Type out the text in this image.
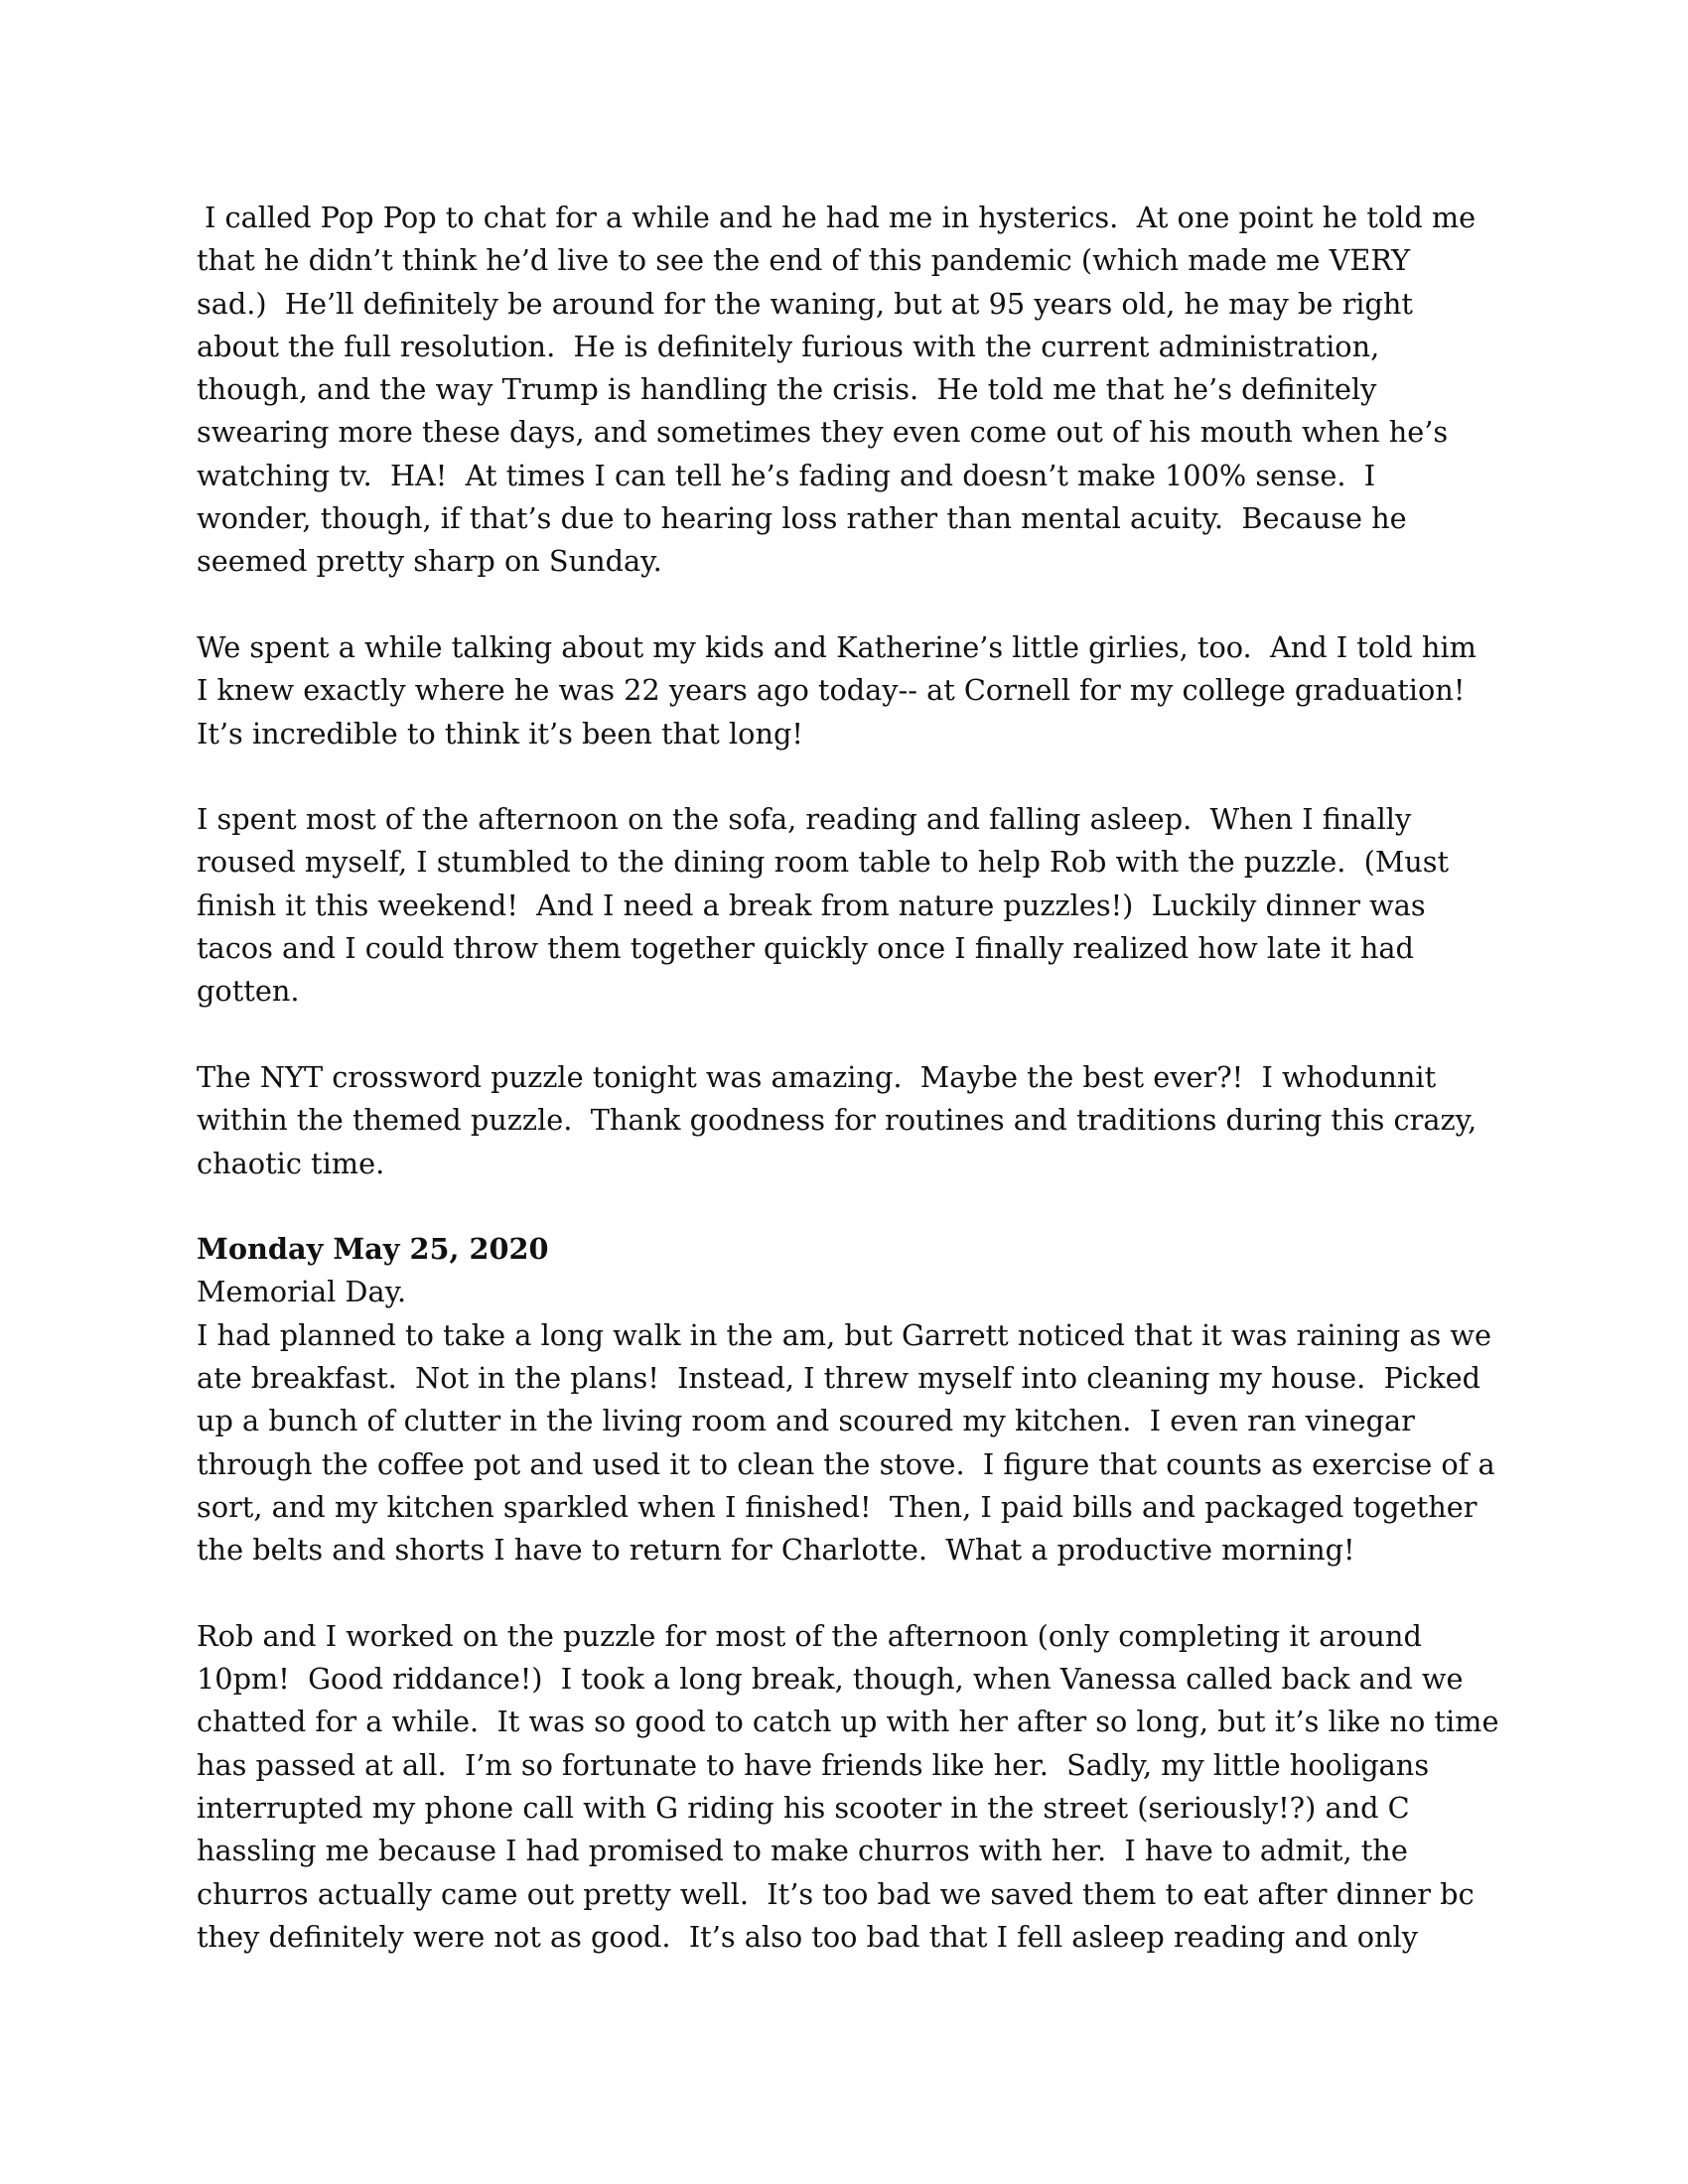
I called Pop Pop to chat for a while and he had me in hysterics.  At one point he told me
that he didn’t think he’d live to see the end of this pandemic (which made me VERY
sad.)  He’ll definitely be around for the waning, but at 95 years old, he may be right
about the full resolution.  He is definitely furious with the current administration,
though, and the way Trump is handling the crisis.  He told me that he’s definitely
swearing more these days, and sometimes they even come out of his mouth when he’s
watching tv.  HA!  At times I can tell he’s fading and doesn’t make 100% sense.  I
wonder, though, if that’s due to hearing loss rather than mental acuity.  Because he
seemed pretty sharp on Sunday.
We spent a while talking about my kids and Katherine’s little girlies, too.  And I told him
I knew exactly where he was 22 years ago today-- at Cornell for my college graduation!
It’s incredible to think it’s been that long!
I spent most of the afternoon on the sofa, reading and falling asleep.  When I finally
roused myself, I stumbled to the dining room table to help Rob with the puzzle.  (Must
finish it this weekend!  And I need a break from nature puzzles!)  Luckily dinner was
tacos and I could throw them together quickly once I finally realized how late it had
gotten.
The NYT crossword puzzle tonight was amazing.  Maybe the best ever?!  I whodunnit
within the themed puzzle.  Thank goodness for routines and traditions during this crazy,
chaotic time.
Monday May 25, 2020
Memorial Day.
I had planned to take a long walk in the am, but Garrett noticed that it was raining as we
ate breakfast.  Not in the plans!  Instead, I threw myself into cleaning my house.  Picked
up a bunch of clutter in the living room and scoured my kitchen.  I even ran vinegar
through the coffee pot and used it to clean the stove.  I figure that counts as exercise of a
sort, and my kitchen sparkled when I finished!  Then, I paid bills and packaged together
the belts and shorts I have to return for Charlotte.  What a productive morning!
Rob and I worked on the puzzle for most of the afternoon (only completing it around
10pm!  Good riddance!)  I took a long break, though, when Vanessa called back and we
chatted for a while.  It was so good to catch up with her after so long, but it’s like no time
has passed at all.  I’m so fortunate to have friends like her.  Sadly, my little hooligans
interrupted my phone call with G riding his scooter in the street (seriously!?) and C
hassling me because I had promised to make churros with her.  I have to admit, the
churros actually came out pretty well.  It’s too bad we saved them to eat after dinner bc
they definitely were not as good.  It’s also too bad that I fell asleep reading and only
